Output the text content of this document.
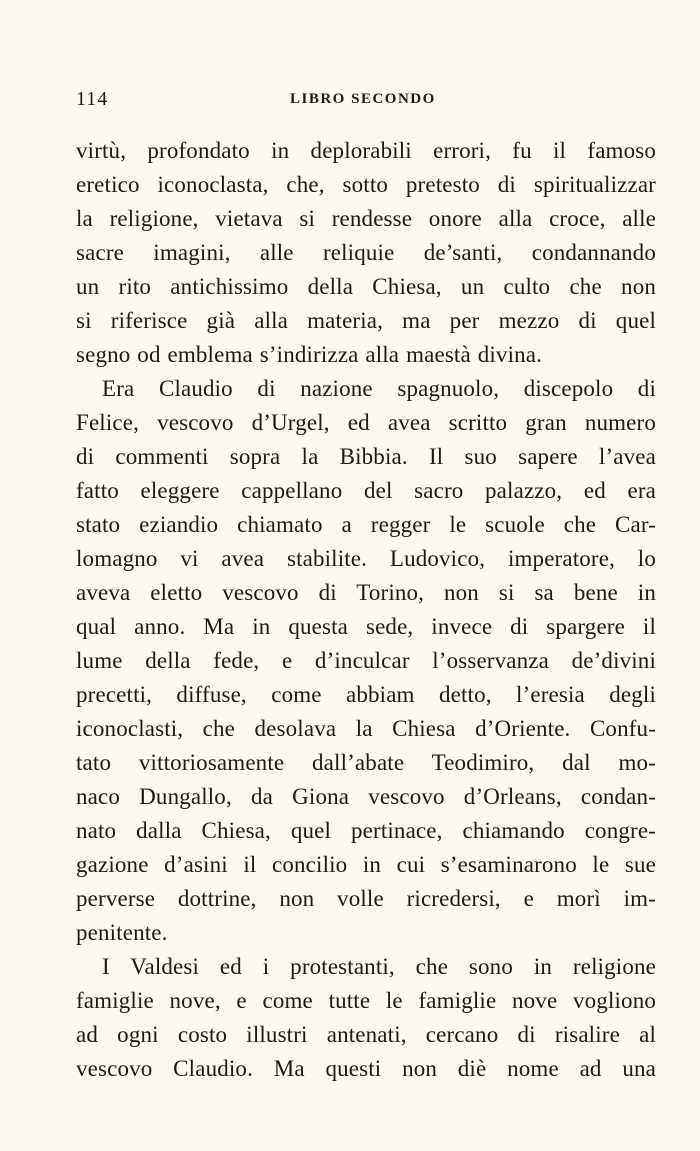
114	LIBRO SECONDO
virtù, profondato in deplorabili errori, fu il famoso
eretico iconoclasta, che, sotto pretesto di spiritualizzar
la religione, vietava si rendesse onore alla croce, alle
sacre imagini, alle reliquie de’santi, condannando
un rito antichissimo della Chiesa, un culto che non
si riferisce già alla materia, ma per mezzo di quel
segno od emblema s’indirizza alla maestà divina.
Era Claudio di nazione spagnuolo, discepolo di
Felice, vescovo d’Urgel, ed avea scritto gran numero
di commenti sopra la Bibbia. Il suo sapere l’avea
fatto eleggere cappellano del sacro palazzo, ed era
stato eziandio chiamato a regger le scuole che Car-
lomagno vi avea stabilite. Ludovico, imperatore, lo
aveva eletto vescovo di Torino, non si sa bene in
qual anno. Ma in questa sede, invece di spargere il
lume della fede, e d’inculcar l’osservanza de’divini
precetti, diffuse, come abbiam detto, l’eresia degli
iconoclasti, che desolava la Chiesa d’Oriente. Confu-
tato vittoriosamente dall’abate Teodimiro, dal mo-
naco Dungallo, da Giona vescovo d’Orleans, condan-
nato dalla Chiesa, quel pertinace, chiamando congre-
gazione d’asini il concilio in cui s’esaminarono le sue
perverse dottrine, non volle ricredersi, e morì im-
penitente.
I Valdesi ed i protestanti, che sono in religione
famiglie nove, e come tutte le famiglie nove vogliono
ad ogni costo illustri antenati, cercano di risalire al
vescovo Claudio. Ma questi non diè nome ad una
